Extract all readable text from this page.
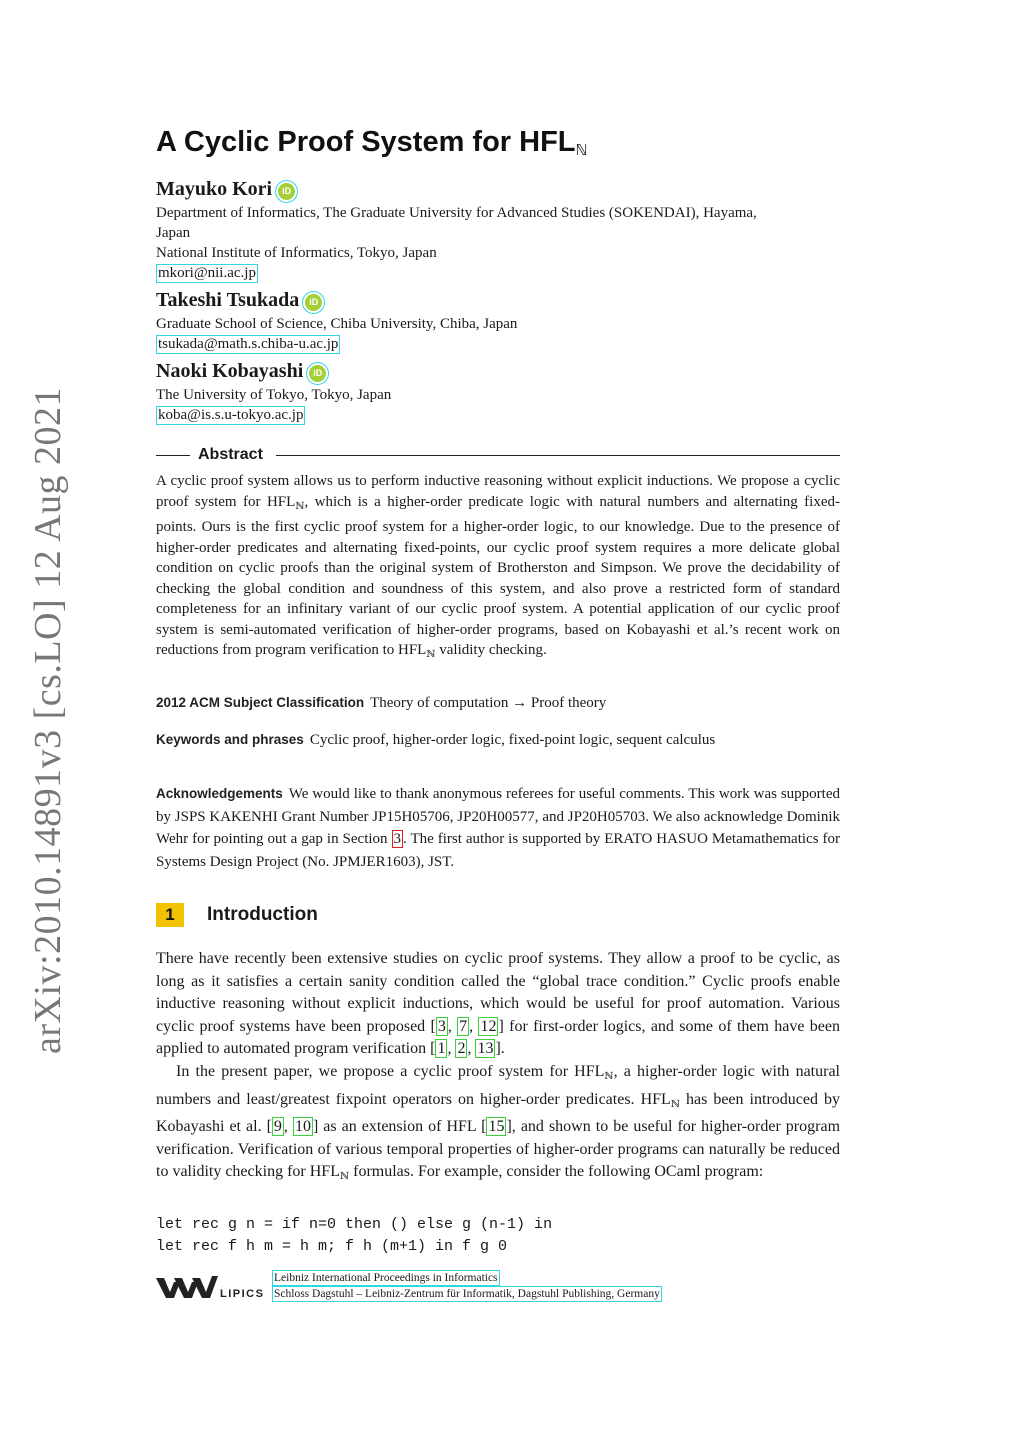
arXiv:2010.14891v3 [cs.LO] 12 Aug 2021
A Cyclic Proof System for $HFL_ℕ$
Mayuko Kori iD
Department of Informatics, The Graduate University for Advanced Studies (SOKENDAI), Hayama,
Japan
National Institute of Informatics, Tokyo, Japan
mkori@nii.ac.jp
Takeshi Tsukada iD
Graduate School of Science, Chiba University, Chiba, Japan
tsukada@math.s.chiba-u.ac.jp
Naoki Kobayashi iD
The University of Tokyo, Tokyo, Japan
koba@is.s.u-tokyo.ac.jp
Abstract
A cyclic proof system allows us to perform inductive reasoning without explicit inductions. We propose a cyclic proof system for $HFL_ℕ$, which is a higher-order predicate logic with natural numbers and alternating fixed-points. Ours is the first cyclic proof system for a higher-order logic, to our knowledge. Due to the presence of higher-order predicates and alternating fixed-points, our cyclic proof system requires a more delicate global condition on cyclic proofs than the original system of Brotherston and Simpson. We prove the decidability of checking the global condition and soundness of this system, and also prove a restricted form of standard completeness for an infinitary variant of our cyclic proof system. A potential application of our cyclic proof system is semi-automated verification of higher-order programs, based on Kobayashi et al.’s recent work on reductions from program verification to $HFL_ℕ$ validity checking.
2012 ACM Subject Classification Theory of computation → Proof theory
Keywords and phrases Cyclic proof, higher-order logic, fixed-point logic, sequent calculus
Acknowledgements We would like to thank anonymous referees for useful comments. This work was supported by JSPS KAKENHI Grant Number JP15H05706, JP20H00577, and JP20H05703. We also acknowledge Dominik Wehr for pointing out a gap in Section 3 . The first author is supported by ERATO HASUO Metamathematics for Systems Design Project (No. JPMJER1603), JST.
1 Introduction
There have recently been extensive studies on cyclic proof systems. They allow a proof to be cyclic, as long as it satisfies a certain sanity condition called the “global trace condition.” Cyclic proofs enable inductive reasoning without explicit inductions, which would be useful for proof automation. Various cyclic proof systems have been proposed [ 3 , 7 , 12 ] for first-order logics, and some of them have been applied to automated program verification [ 1 , 2 , 13 ].
In the present paper, we propose a cyclic proof system for HFLℕ, a higher-order logic with natural numbers and least/greatest fixpoint operators on higher-order predicates. HFLℕ has been introduced by Kobayashi et al. [ 9 , 10 ] as an extension of HFL [ 15 ], and shown to be useful for higher-order program verification. Verification of various temporal properties of higher-order programs can naturally be reduced to validity checking for HFLℕ formulas. For example, consider the following OCaml program:
let rec g n = if n=0 then () else g (n-1) in
let rec f h m = h m; f h (m+1) in f g 0
LIPICS
Leibniz International Proceedings in Informatics
Schloss Dagstuhl – Leibniz-Zentrum für Informatik, Dagstuhl Publishing, Germany
